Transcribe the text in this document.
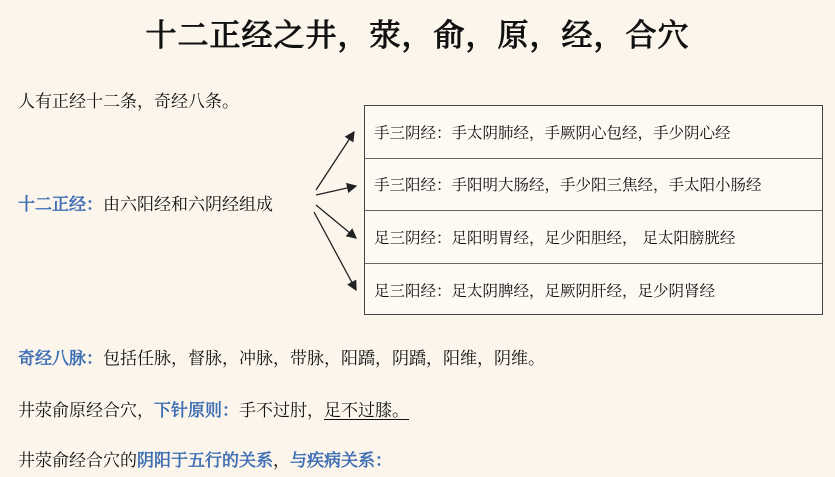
十二正经之井，荥，俞，原，经，合穴
人有正经十二条，奇经八条。
十二正经：由六阳经和六阴经组成
手三阴经：手太阴肺经，手厥阴心包经，手少阴心经
手三阳经：手阳明大肠经，手少阳三焦经，手太阳小肠经
足三阴经：足阳明胃经，足少阳胆经， 足太阳膀胱经
足三阳经：足太阴脾经，足厥阴肝经，足少阴肾经
奇经八脉：包括任脉，督脉，冲脉，带脉，阳蹻，阴蹻，阳维，阴维。
井荥俞原经合穴，下针原则：手不过肘，足不过膝。
井荥俞经合穴的阴阳于五行的关系，与疾病关系：
